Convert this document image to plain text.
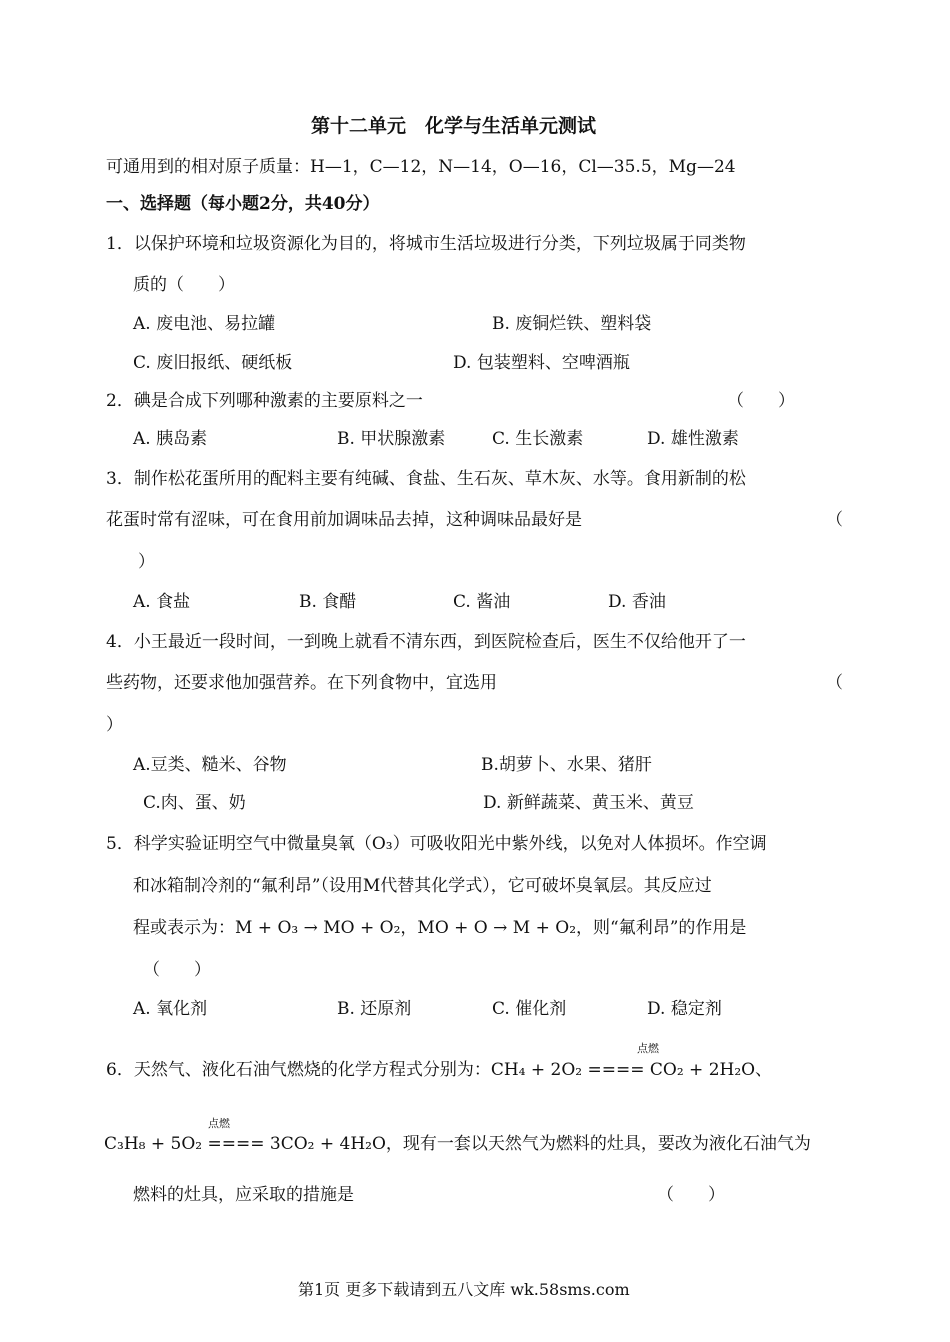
第十二单元　化学与生活单元测试
可通用到的相对原子质量：H—1，C—12，N—14，O—16，Cl—35.5，Mg—24
一、选择题（每小题2分，共40分）
1．以保护环境和垃圾资源化为目的，将城市生活垃圾进行分类，下列垃圾属于同类物
质的（　　）
A. 废电池、易拉罐	B. 废铜烂铁、塑料袋
C. 废旧报纸、硬纸板	D. 包装塑料、空啤酒瓶
2．碘是合成下列哪种激素的主要原料之一	（　　）
A. 胰岛素	B. 甲状腺激素	C. 生长激素	D. 雄性激素
3．制作松花蛋所用的配料主要有纯碱、食盐、生石灰、草木灰、水等。食用新制的松
花蛋时常有涩味，可在食用前加调味品去掉，这种调味品最好是	（
）
A. 食盐	B. 食醋	C. 酱油	D. 香油
4．小王最近一段时间，一到晚上就看不清东西，到医院检查后，医生不仅给他开了一
些药物，还要求他加强营养。在下列食物中，宜选用	（
）
A.豆类、糙米、谷物	B.胡萝卜、水果、猪肝
C.肉、蛋、奶	D. 新鲜蔬菜、黄玉米、黄豆
5．科学实验证明空气中微量臭氧（O₃）可吸收阳光中紫外线，以免对人体损坏。作空调
和冰箱制冷剂的“氟利昂”（设用M代替其化学式），它可破坏臭氧层。其反应过
程或表示为：M + O₃ → MO + O₂，MO + O → M + O₂，则“氟利昂”的作用是
（　　）
A. 氧化剂	B. 还原剂	C. 催化剂	D. 稳定剂
点燃
6．天然气、液化石油气燃烧的化学方程式分别为：CH₄ + 2O₂ ==== CO₂ + 2H₂O、
点燃
C₃H₈ + 5O₂ ==== 3CO₂ + 4H₂O，现有一套以天然气为燃料的灶具，要改为液化石油气为
燃料的灶具，应采取的措施是	（　　）
第1页 更多下载请到五八文库 wk.58sms.com
